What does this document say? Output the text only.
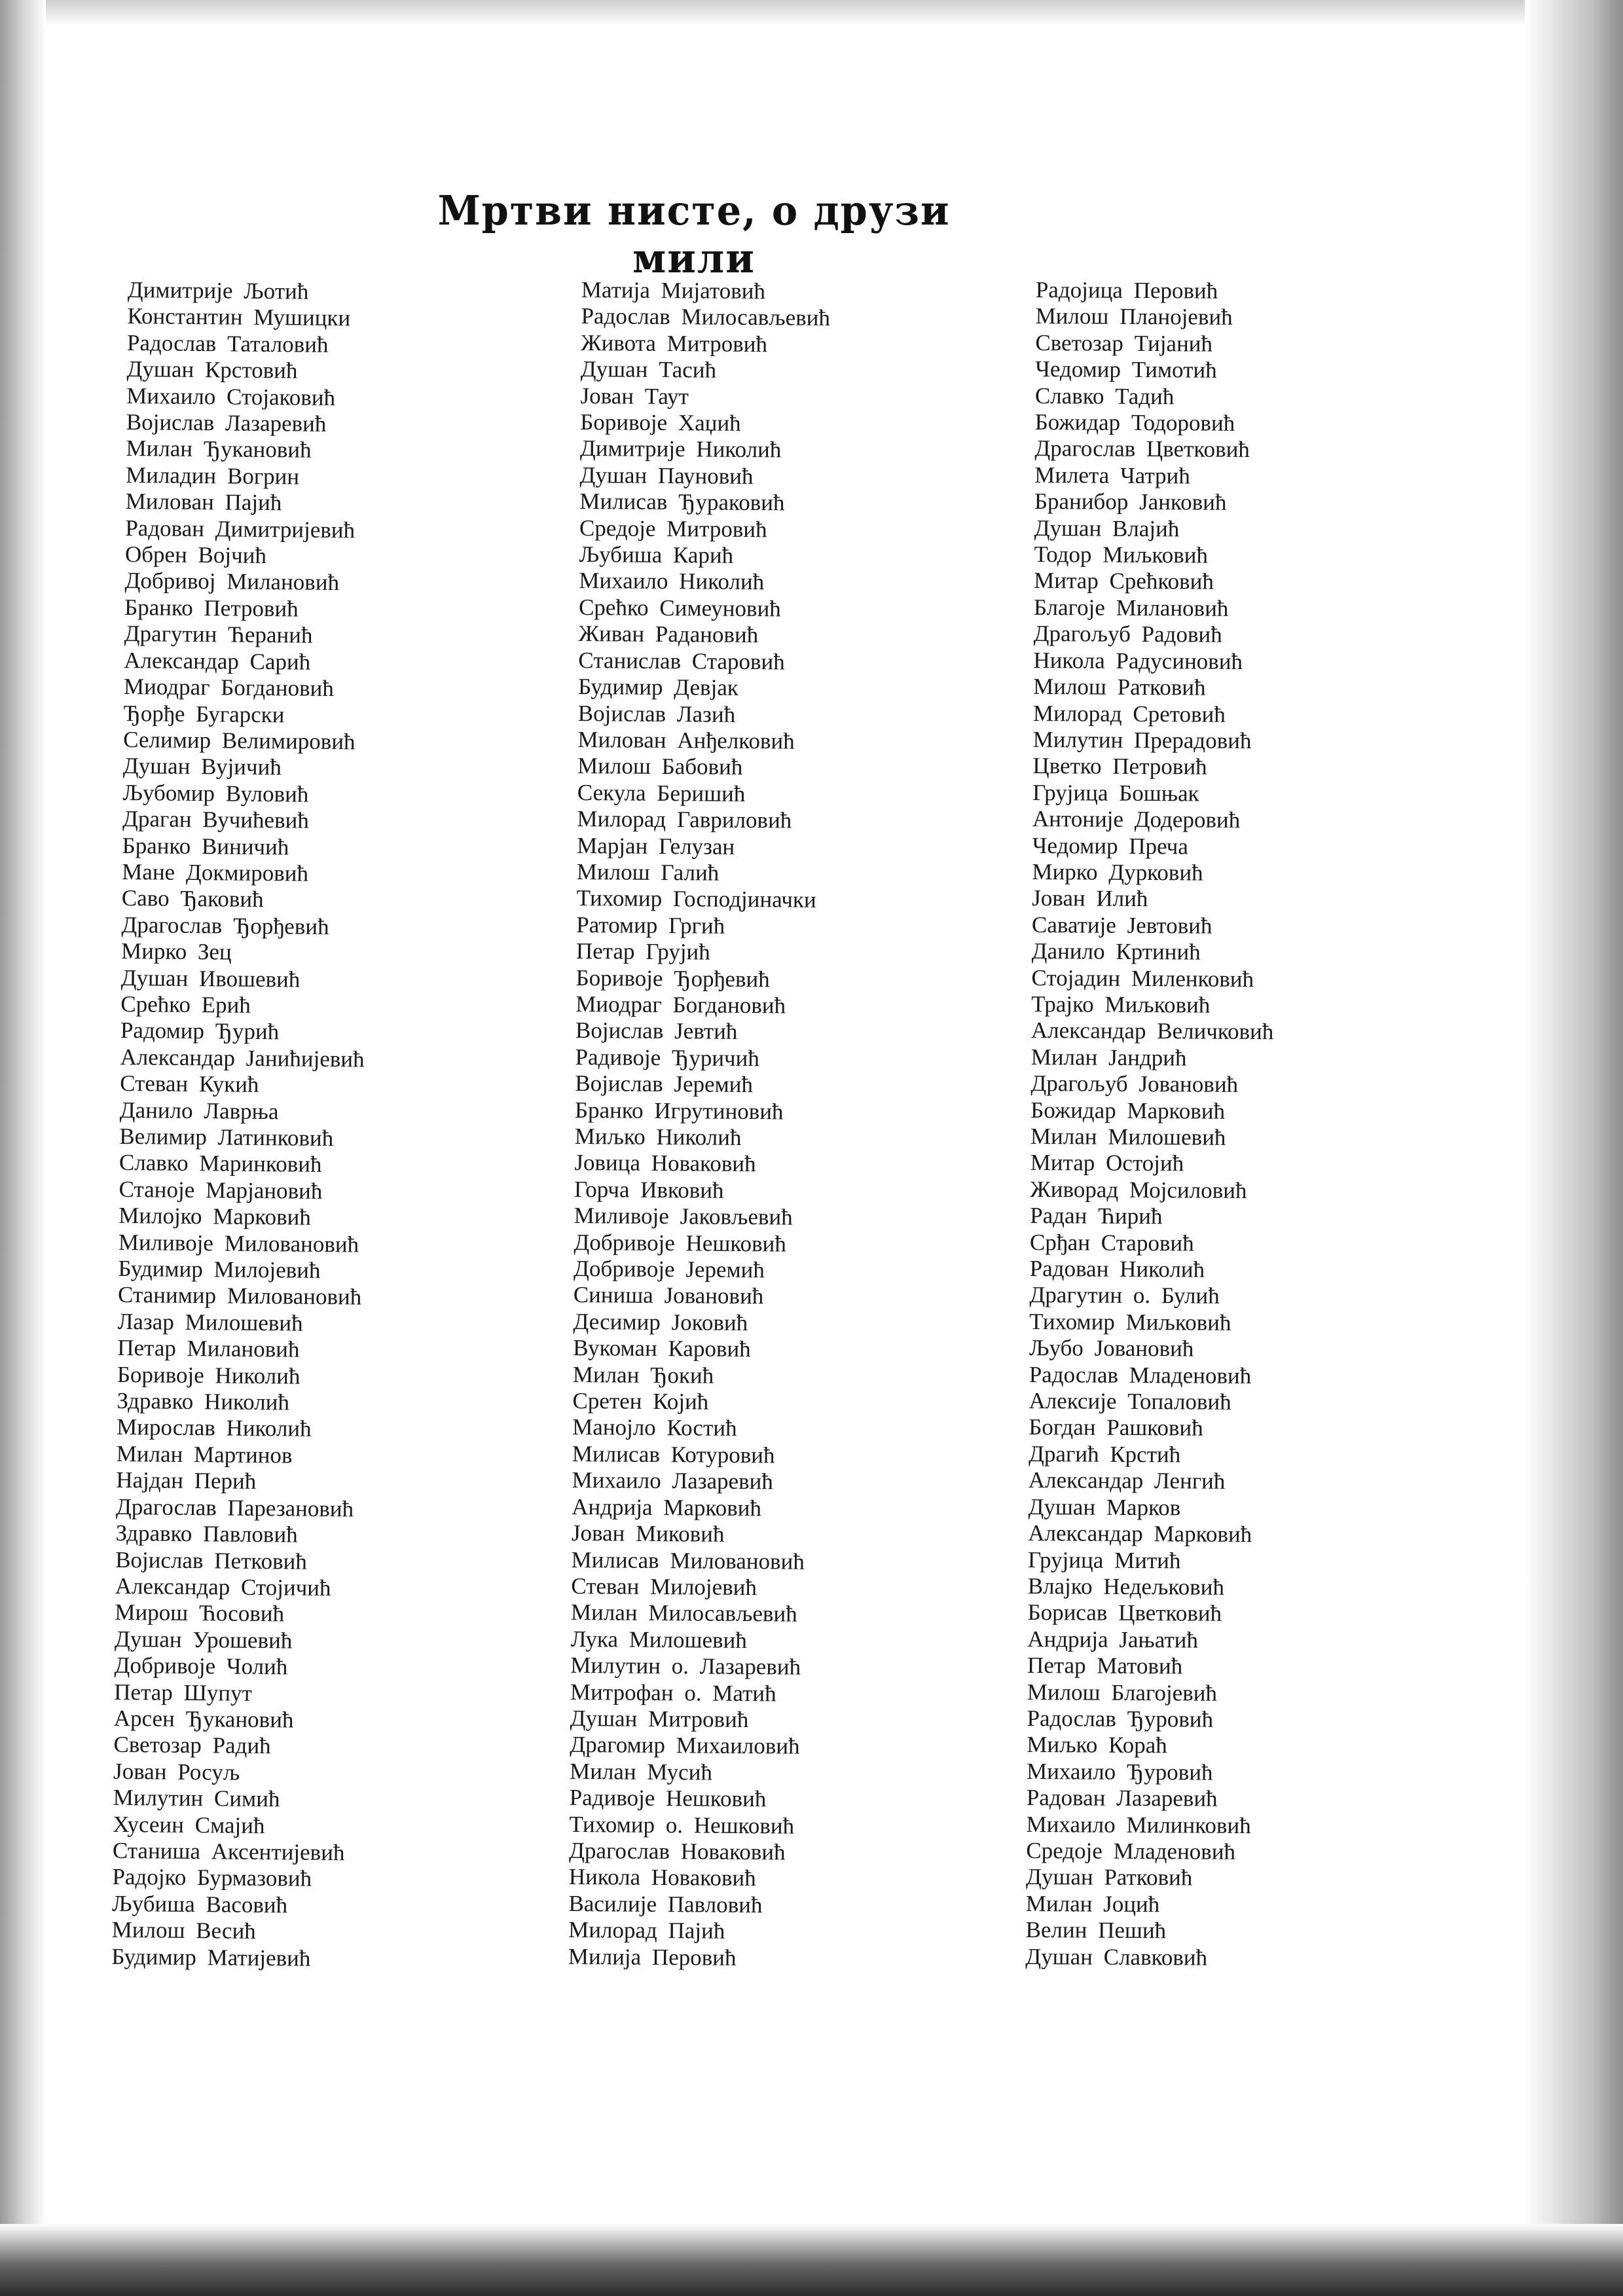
Мртви нисте, о друзи мили
Димитрије Љотић
Константин Мушицки
Радослав Таталовић
Душан Крстовић
Михаило Стојаковић
Војислав Лазаревић
Милан Ђукановић
Миладин Вогрин
Милован Пајић
Радован Димитријевић
Обрен Војчић
Добривој Милановић
Бранко Петровић
Драгутин Ћеранић
Александар Сарић
Миодраг Богдановић
Ђорђе Бугарски
Селимир Велимировић
Душан Вујичић
Љубомир Вуловић
Драган Вучићевић
Бранко Виничић
Мане Докмировић
Саво Ђаковић
Драгослав Ђорђевић
Мирко Зец
Душан Ивошевић
Срећко Ерић
Радомир Ђурић
Александар Јанићијевић
Стеван Кукић
Данило Лаврња
Велимир Латинковић
Славко Маринковић
Станоје Марјановић
Милојко Марковић
Миливоје Миловановић
Будимир Милојевић
Станимир Миловановић
Лазар Милошевић
Петар Милановић
Боривоје Николић
Здравко Николић
Мирослав Николић
Милан Мартинов
Најдан Перић
Драгослав Парезановић
Здравко Павловић
Војислав Петковић
Александар Стојичић
Мирош Ћосовић
Душан Урошевић
Добривоје Чолић
Петар Шупут
Арсен Ђукановић
Светозар Радић
Јован Росуљ
Милутин Симић
Хусеин Смајић
Станиша Аксентијевић
Радојко Бурмазовић
Љубиша Васовић
Милош Весић
Будимир Матијевић
Матија Мијатовић
Радослав Милосављевић
Живота Митровић
Душан Тасић
Јован Таут
Боривоје Хаџић
Димитрије Николић
Душан Пауновић
Милисав Ђураковић
Средоје Митровић
Љубиша Карић
Михаило Николић
Срећко Симеуновић
Живан Радановић
Станислав Старовић
Будимир Девјак
Војислав Лазић
Милован Анђелковић
Милош Бабовић
Секула Беришић
Милорад Гавриловић
Марјан Гелузан
Милош Галић
Тихомир Господјиначки
Ратомир Гргић
Петар Грујић
Боривоје Ђорђевић
Миодраг Богдановић
Војислав Јевтић
Радивоје Ђуричић
Војислав Јеремић
Бранко Игрутиновић
Миљко Николић
Јовица Новаковић
Горча Ивковић
Миливоје Јаковљевић
Добривоје Нешковић
Добривоје Јеремић
Синиша Јовановић
Десимир Јоковић
Вукоман Каровић
Милан Ђокић
Сретен Којић
Манојло Костић
Милисав Котуровић
Михаило Лазаревић
Андрија Марковић
Јован Миковић
Милисав Миловановић
Стеван Милојевић
Милан Милосављевић
Лука Милошевић
Милутин о. Лазаревић
Митрофан о. Матић
Душан Митровић
Драгомир Михаиловић
Милан Мусић
Радивоје Нешковић
Тихомир о. Нешковић
Драгослав Новаковић
Никола Новаковић
Василије Павловић
Милорад Пајић
Милија Перовић
Радојица Перовић
Милош Планојевић
Светозар Тијанић
Чедомир Тимотић
Славко Тадић
Божидар Тодоровић
Драгослав Цветковић
Милета Чатрић
Бранибор Јанковић
Душан Влајић
Тодор Миљковић
Митар Срећковић
Благоје Милановић
Драгољуб Радовић
Никола Радусиновић
Милош Ратковић
Милорад Сретовић
Милутин Прерадовић
Цветко Петровић
Грујица Бошњак
Антоније Додеровић
Чедомир Преча
Мирко Дурковић
Јован Илић
Саватије Јевтовић
Данило Кртинић
Стојадин Миленковић
Трајко Миљковић
Александар Величковић
Милан Јандрић
Драгољуб Јовановић
Божидар Марковић
Милан Милошевић
Митар Остојић
Живорад Мојсиловић
Радан Ћирић
Срђан Старовић
Радован Николић
Драгутин о. Булић
Тихомир Миљковић
Љубо Јовановић
Радослав Младеновић
Алексије Топаловић
Богдан Рашковић
Драгић Крстић
Александар Ленгић
Душан Марков
Александар Марковић
Грујица Митић
Влајко Недељковић
Борисав Цветковић
Андрија Јањатић
Петар Матовић
Милош Благојевић
Радослав Ђуровић
Миљко Кораћ
Михаило Ђуровић
Радован Лазаревић
Михаило Милинковић
Средоје Младеновић
Душан Ратковић
Милан Јоцић
Велин Пешић
Душан Славковић
